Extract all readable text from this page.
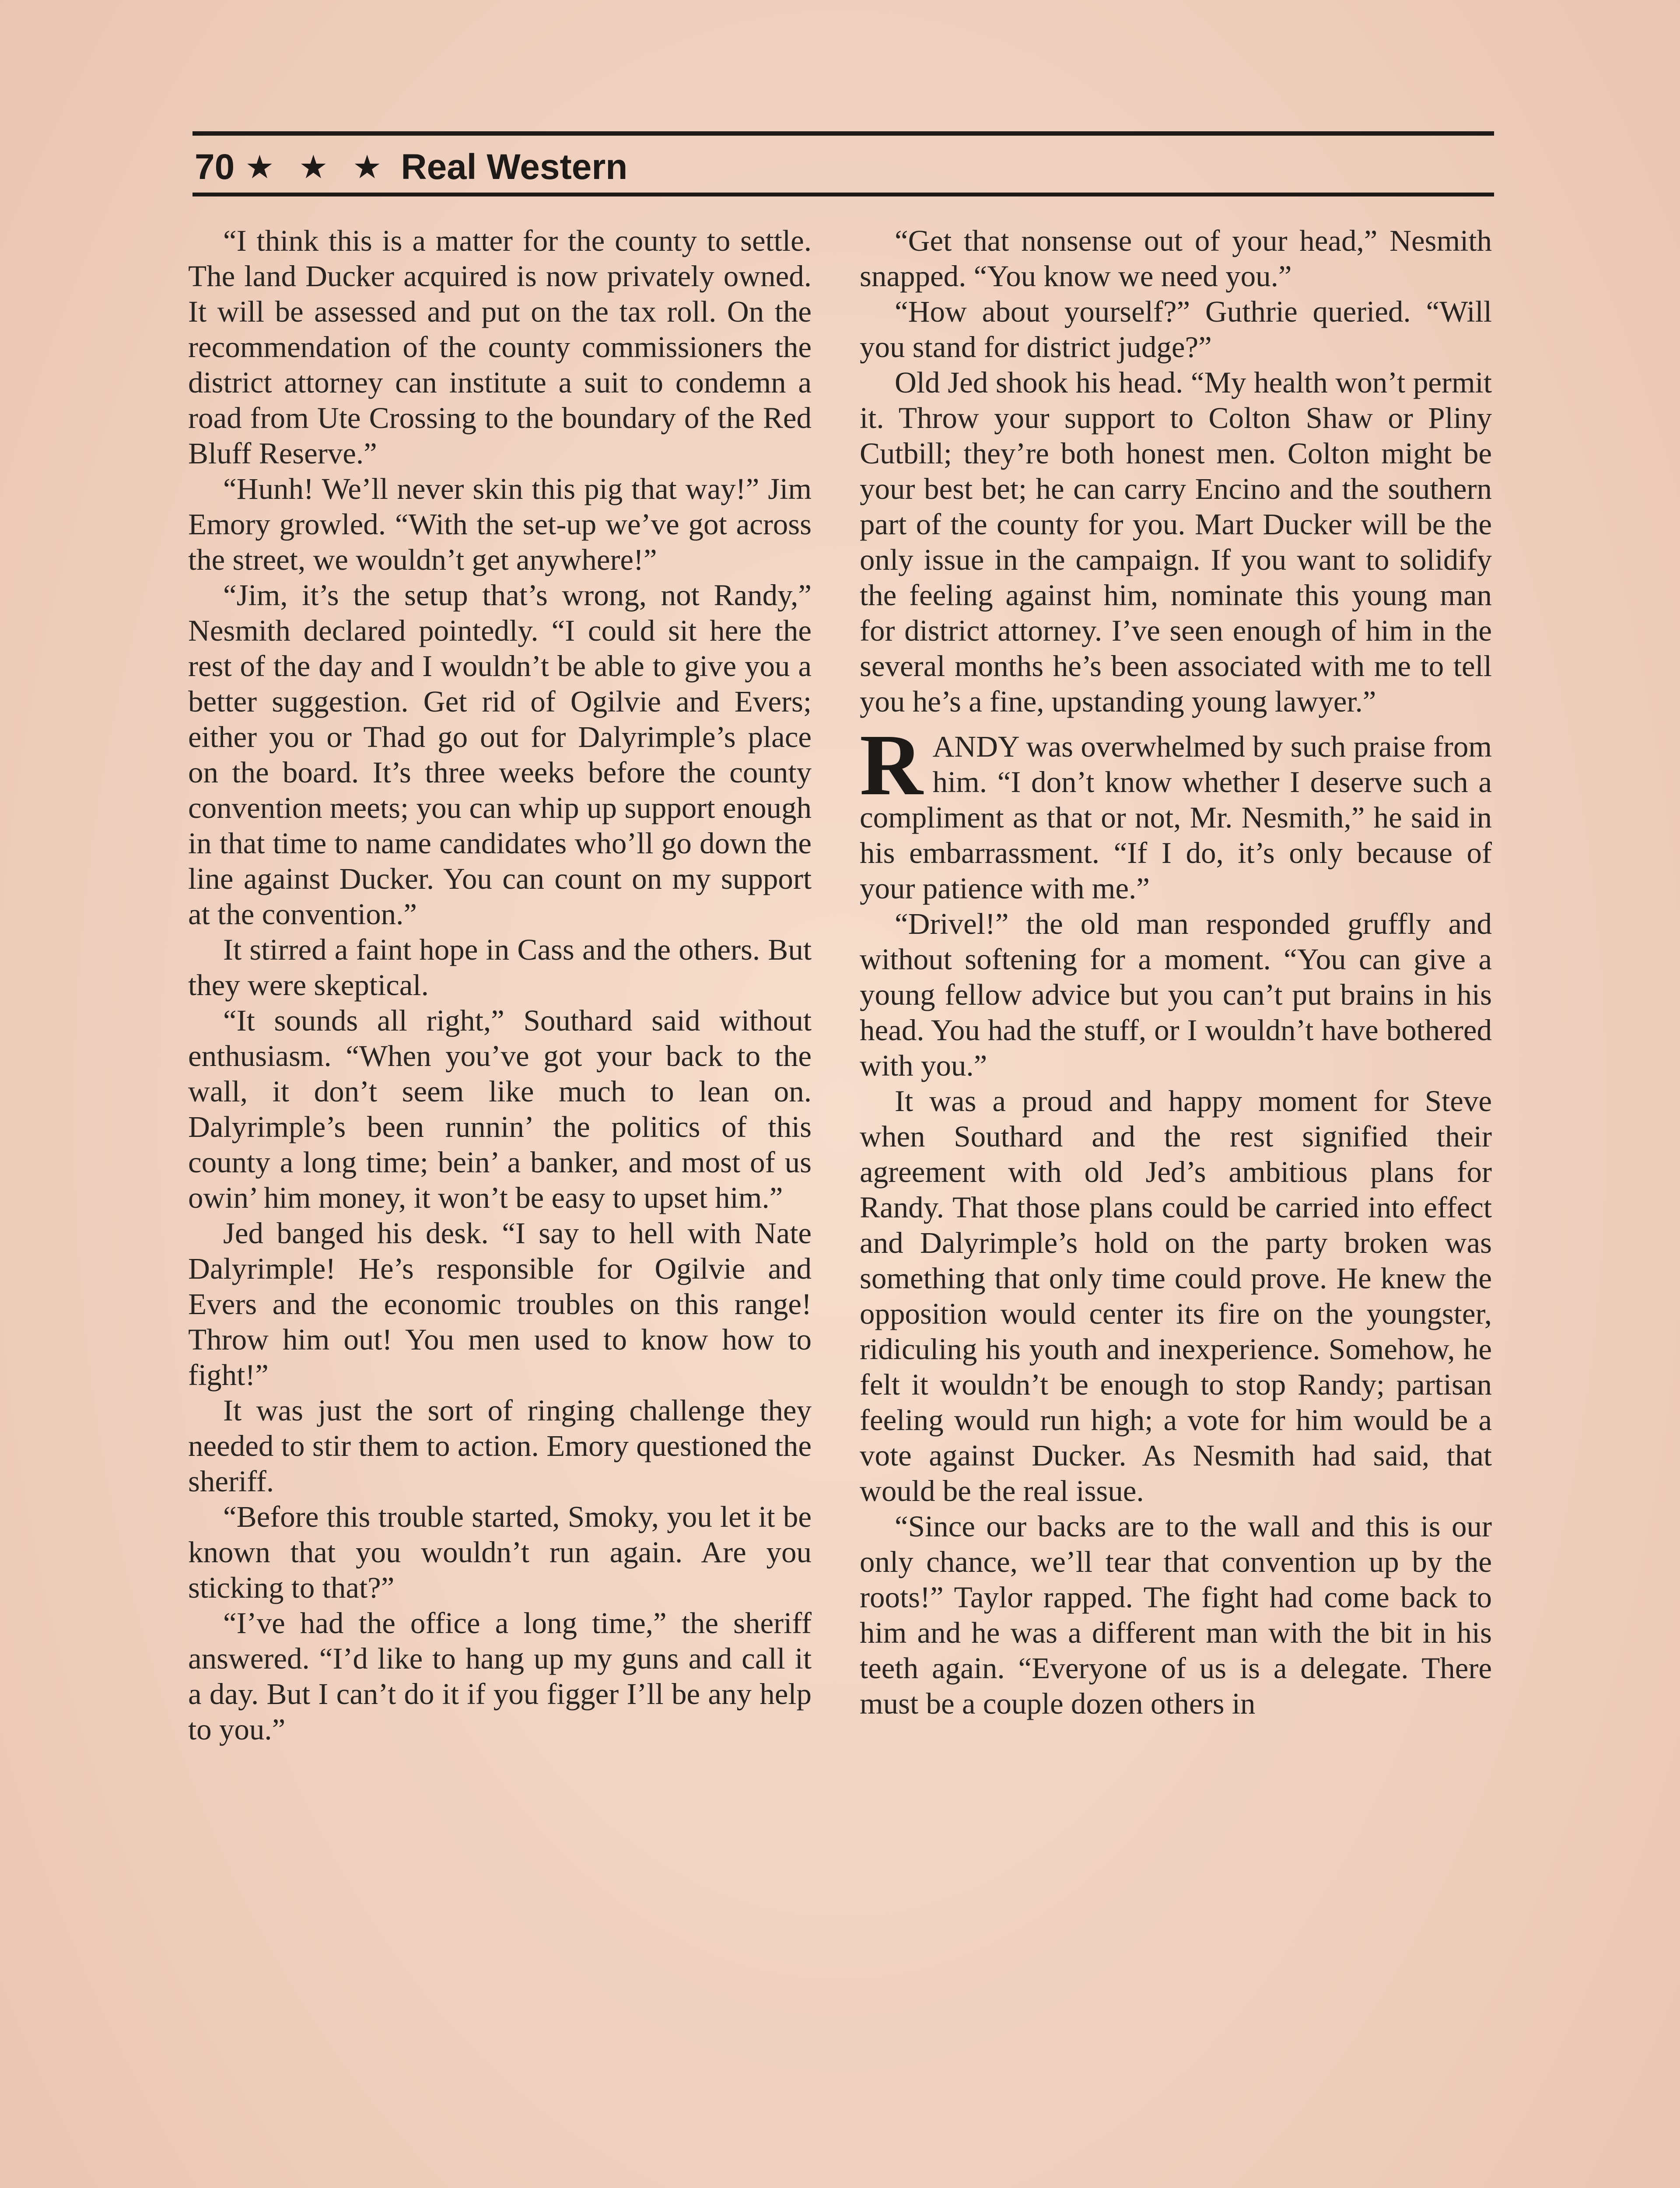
70 ★ ★ ★ Real Western

“I think this is a matter for the county to settle. The land Ducker acquired is now privately owned. It will be assessed and put on the tax roll. On the recommendation of the county commissioners the district attorney can institute a suit to condemn a road from Ute Crossing to the boundary of the Red Bluff Reserve.”

“Hunh! We’ll never skin this pig that way!” Jim Emory growled. “With the set-up we’ve got across the street, we wouldn’t get anywhere!”

“Jim, it’s the setup that’s wrong, not Randy,” Nesmith declared pointedly. “I could sit here the rest of the day and I wouldn’t be able to give you a better suggestion. Get rid of Ogilvie and Evers; either you or Thad go out for Dalyrimple’s place on the board. It’s three weeks before the county convention meets; you can whip up support enough in that time to name candidates who’ll go down the line against Ducker. You can count on my support at the convention.”

It stirred a faint hope in Cass and the others. But they were skeptical.

“It sounds all right,” Southard said without enthusiasm. “When you’ve got your back to the wall, it don’t seem like much to lean on. Dalyrimple’s been runnin’ the politics of this county a long time; bein’ a banker, and most of us owin’ him money, it won’t be easy to upset him.”

Jed banged his desk. “I say to hell with Nate Dalyrimple! He’s responsible for Ogilvie and Evers and the economic troubles on this range! Throw him out! You men used to know how to fight!”

It was just the sort of ringing challenge they needed to stir them to action. Emory questioned the sheriff.

“Before this trouble started, Smoky, you let it be known that you wouldn’t run again. Are you sticking to that?”

“I’ve had the office a long time,” the sheriff answered. “I’d like to hang up my guns and call it a day. But I can’t do it if you figger I’ll be any help to you.”

“Get that nonsense out of your head,” Nesmith snapped. “You know we need you.”

“How about yourself?” Guthrie queried. “Will you stand for district judge?”

Old Jed shook his head. “My health won’t permit it. Throw your support to Colton Shaw or Pliny Cutbill; they’re both honest men. Colton might be your best bet; he can carry Encino and the southern part of the county for you. Mart Ducker will be the only issue in the campaign. If you want to solidify the feeling against him, nominate this young man for district attorney. I’ve seen enough of him in the several months he’s been associated with me to tell you he’s a fine, upstanding young lawyer.”

RANDY was overwhelmed by such praise from him. “I don’t know whether I deserve such a compliment as that or not, Mr. Nesmith,” he said in his embarrassment. “If I do, it’s only because of your patience with me.”

“Drivel!” the old man responded gruffly and without softening for a moment. “You can give a young fellow advice but you can’t put brains in his head. You had the stuff, or I wouldn’t have bothered with you.”

It was a proud and happy moment for Steve when Southard and the rest signified their agreement with old Jed’s ambitious plans for Randy. That those plans could be carried into effect and Dalyrimple’s hold on the party broken was something that only time could prove. He knew the opposition would center its fire on the youngster, ridiculing his youth and inexperience. Somehow, he felt it wouldn’t be enough to stop Randy; partisan feeling would run high; a vote for him would be a vote against Ducker. As Nesmith had said, that would be the real issue.

“Since our backs are to the wall and this is our only chance, we’ll tear that convention up by the roots!” Taylor rapped. The fight had come back to him and he was a different man with the bit in his teeth again. “Everyone of us is a delegate. There must be a couple dozen others in
